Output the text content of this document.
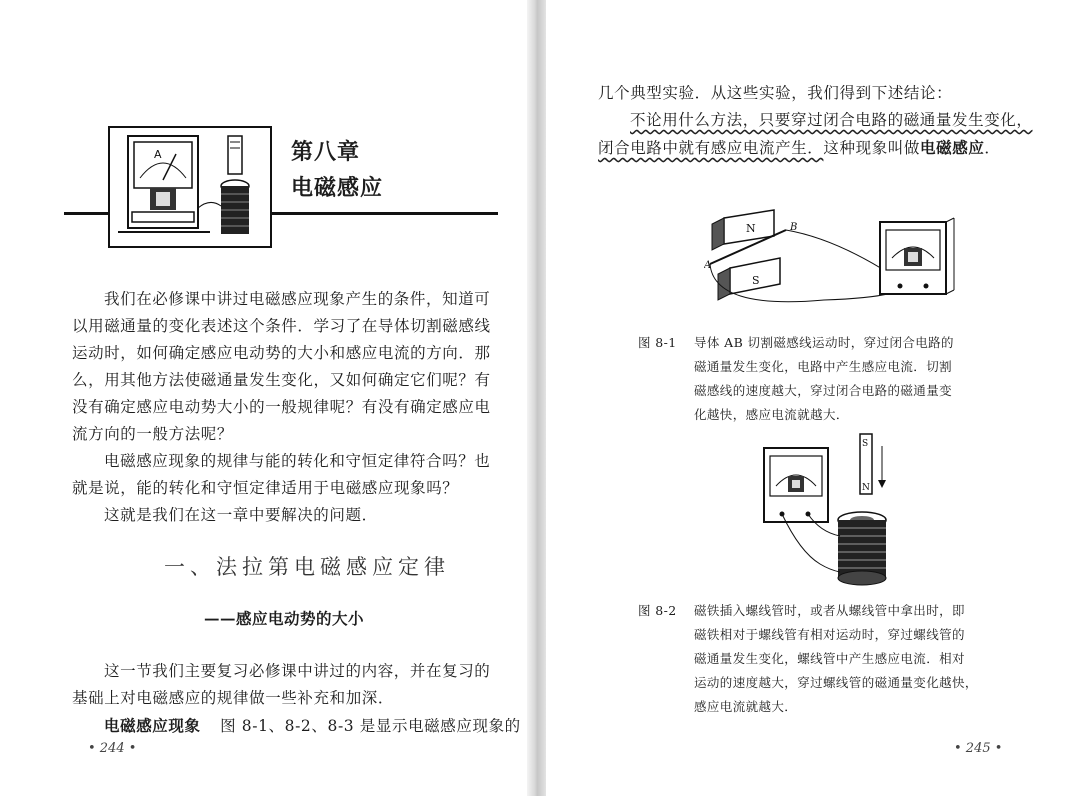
A	第八章
电磁感应
我们在必修课中讲过电磁感应现象产生的条件，知道可
以用磁通量的变化表述这个条件．学习了在导体切割磁感线
运动时，如何确定感应电动势的大小和感应电流的方向．那
么，用其他方法使磁通量发生变化，又如何确定它们呢？有
没有确定感应电动势大小的一般规律呢？有没有确定感应电
流方向的一般方法呢？
电磁感应现象的规律与能的转化和守恒定律符合吗？也
就是说，能的转化和守恒定律适用于电磁感应现象吗？
这就是我们在这一章中要解决的问题．
一、法拉第电磁感应定律
——感应电动势的大小
这一节我们主要复习必修课中讲过的内容，并在复习的
基础上对电磁感应的规律做一些补充和加深．
电磁感应现象 图 8-1、8-2、8-3 是显示电磁感应现象的
• 244 •
几个典型实验．从这些实验，我们得到下述结论：
不论用什么方法，只要穿过闭合电路的磁通量发生变化，
闭合电路中就有感应电流产生．这种现象叫做电磁感应．
N
S
A
B
图 8-1 导体 AB 切割磁感线运动时，穿过闭合电路的
磁通量发生变化，电路中产生感应电流．切割
磁感线的速度越大，穿过闭合电路的磁通量变
化越快，感应电流就越大．
S
N
图 8-2 磁铁插入螺线管时，或者从螺线管中拿出时，即
磁铁相对于螺线管有相对运动时，穿过螺线管的
磁通量发生变化，螺线管中产生感应电流．相对
运动的速度越大，穿过螺线管的磁通量变化越快，
感应电流就越大．
• 245 •
